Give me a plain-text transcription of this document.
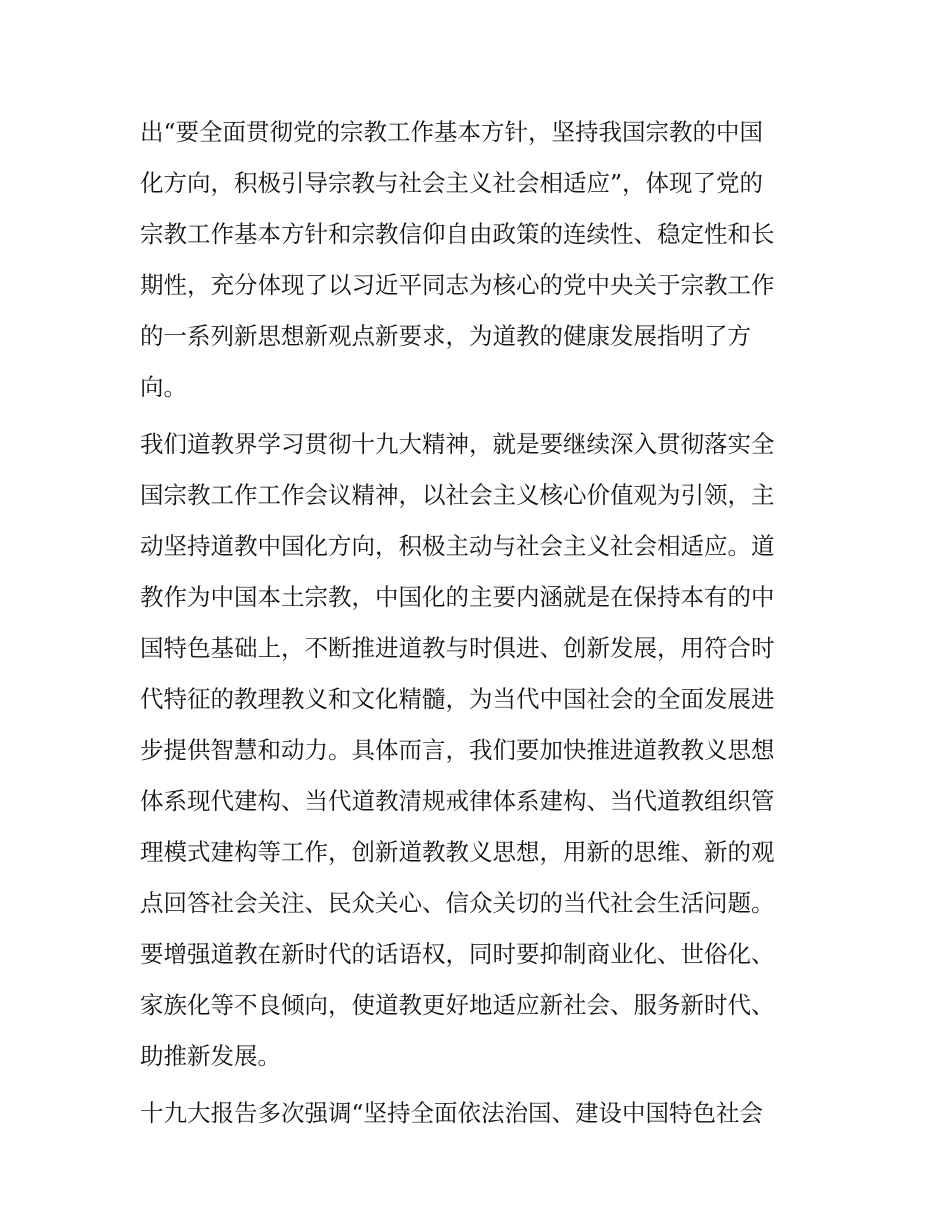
出“要全面贯彻党的宗教工作基本方针，坚持我国宗教的中国
化方向，积极引导宗教与社会主义社会相适应”，体现了党的
宗教工作基本方针和宗教信仰自由政策的连续性、稳定性和长
期性，充分体现了以习近平同志为核心的党中央关于宗教工作
的一系列新思想新观点新要求，为道教的健康发展指明了方
向。
我们道教界学习贯彻十九大精神，就是要继续深入贯彻落实全
国宗教工作工作会议精神，以社会主义核心价值观为引领，主
动坚持道教中国化方向，积极主动与社会主义社会相适应。道
教作为中国本土宗教，中国化的主要内涵就是在保持本有的中
国特色基础上，不断推进道教与时俱进、创新发展，用符合时
代特征的教理教义和文化精髓，为当代中国社会的全面发展进
步提供智慧和动力。具体而言，我们要加快推进道教教义思想
体系现代建构、当代道教清规戒律体系建构、当代道教组织管
理模式建构等工作，创新道教教义思想，用新的思维、新的观
点回答社会关注、民众关心、信众关切的当代社会生活问题。
要增强道教在新时代的话语权，同时要抑制商业化、世俗化、
家族化等不良倾向，使道教更好地适应新社会、服务新时代、
助推新发展。
十九大报告多次强调“坚持全面依法治国、建设中国特色社会
